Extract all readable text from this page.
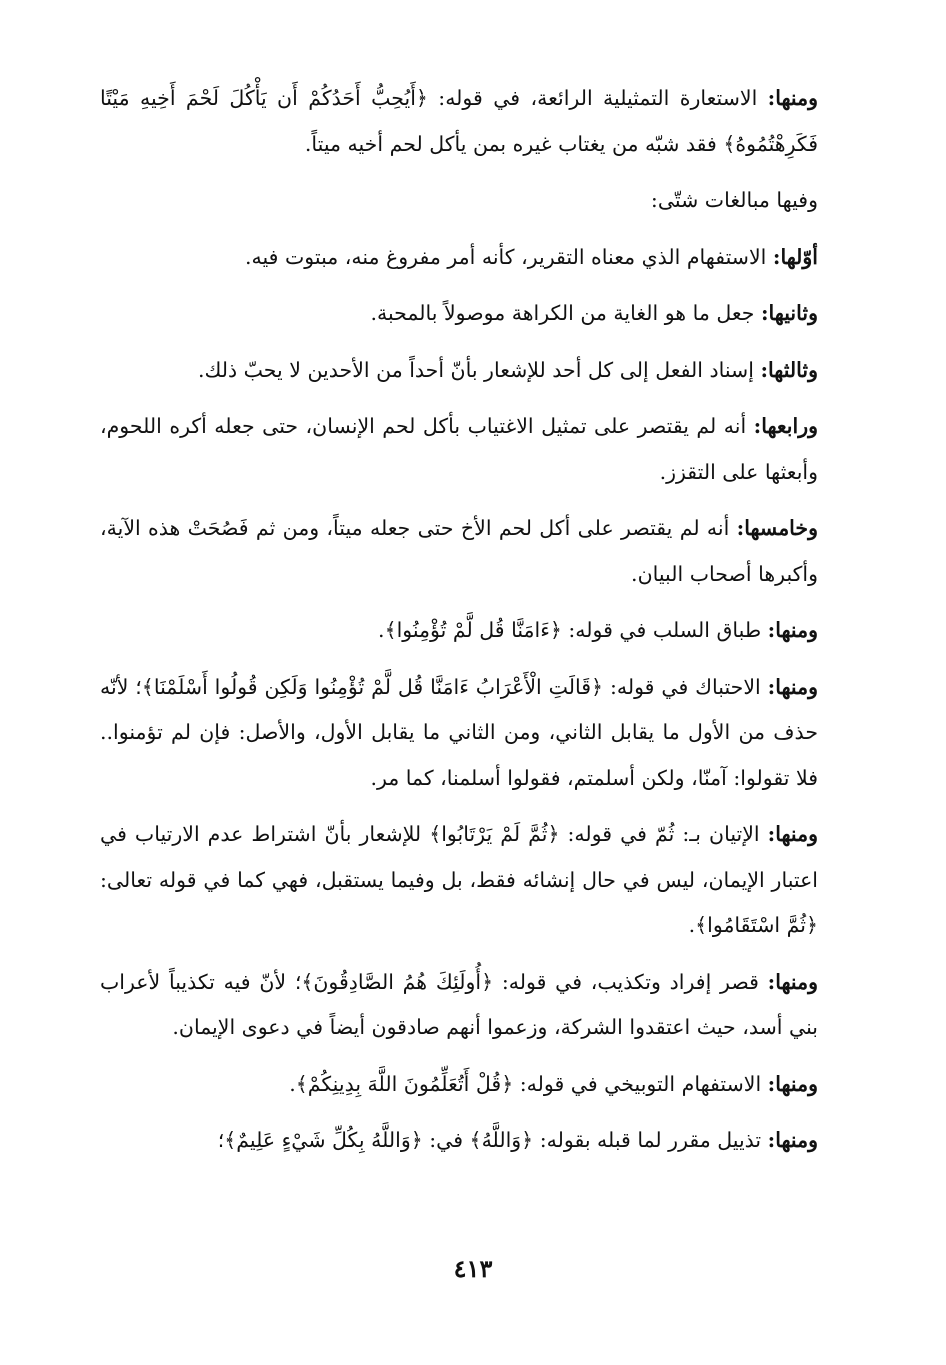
ومنها: الاستعارة التمثيلية الرائعة، في قوله: ﴿أَيُحِبُّ أَحَدُكُمْ أَن يَأْكُلَ لَحْمَ أَخِيهِ مَيْتًا فَكَرِهْتُمُوهُ﴾ فقد شبّه من يغتاب غيره بمن يأكل لحم أخيه ميتاً.

وفيها مبالغات شتّى:

أوّلها: الاستفهام الذي معناه التقرير، كأنه أمر مفروغ منه، مبتوت فيه.

وثانيها: جعل ما هو الغاية من الكراهة موصولاً بالمحبة.

وثالثها: إسناد الفعل إلى كل أحد للإشعار بأنّ أحداً من الأحدين لا يحبّ ذلك.

ورابعها: أنه لم يقتصر على تمثيل الاغتياب بأكل لحم الإنسان، حتى جعله أكره اللحوم، وأبعثها على التقزز.

وخامسها: أنه لم يقتصر على أكل لحم الأخ حتى جعله ميتاً، ومن ثم فَصُحَتْ هذه الآية، وأكبرها أصحاب البيان.

ومنها: طباق السلب في قوله: ﴿ءَامَنَّا قُل لَّمْ تُؤْمِنُوا﴾.

ومنها: الاحتباك في قوله: ﴿قَالَتِ الْأَعْرَابُ ءَامَنَّا قُل لَّمْ تُؤْمِنُوا وَلَكِن قُولُوا أَسْلَمْنَا﴾؛ لأنّه حذف من الأول ما يقابل الثاني، ومن الثاني ما يقابل الأول، والأصل: فإن لم تؤمنوا.. فلا تقولوا: آمنّا، ولكن أسلمتم، فقولوا أسلمنا، كما مر.

ومنها: الإتيان بـ: ثُمّ في قوله: ﴿ثُمَّ لَمْ يَرْتَابُوا﴾ للإشعار بأنّ اشتراط عدم الارتياب في اعتبار الإيمان، ليس في حال إنشائه فقط، بل وفيما يستقبل، فهي كما في قوله تعالى: ﴿ثُمَّ اسْتَقَامُوا﴾.

ومنها: قصر إفراد وتكذيب، في قوله: ﴿أُولَئِكَ هُمُ الصَّادِقُونَ﴾؛ لأنّ فيه تكذيباً لأعراب بني أسد، حيث اعتقدوا الشركة، وزعموا أنهم صادقون أيضاً في دعوى الإيمان.

ومنها: الاستفهام التوبيخي في قوله: ﴿قُلْ أَتُعَلِّمُونَ اللَّهَ بِدِينِكُمْ﴾.

ومنها: تذييل مقرر لما قبله بقوله: ﴿وَاللَّهُ﴾ في: ﴿وَاللَّهُ بِكُلِّ شَيْءٍ عَلِيمٌ﴾؛

٤١٣
